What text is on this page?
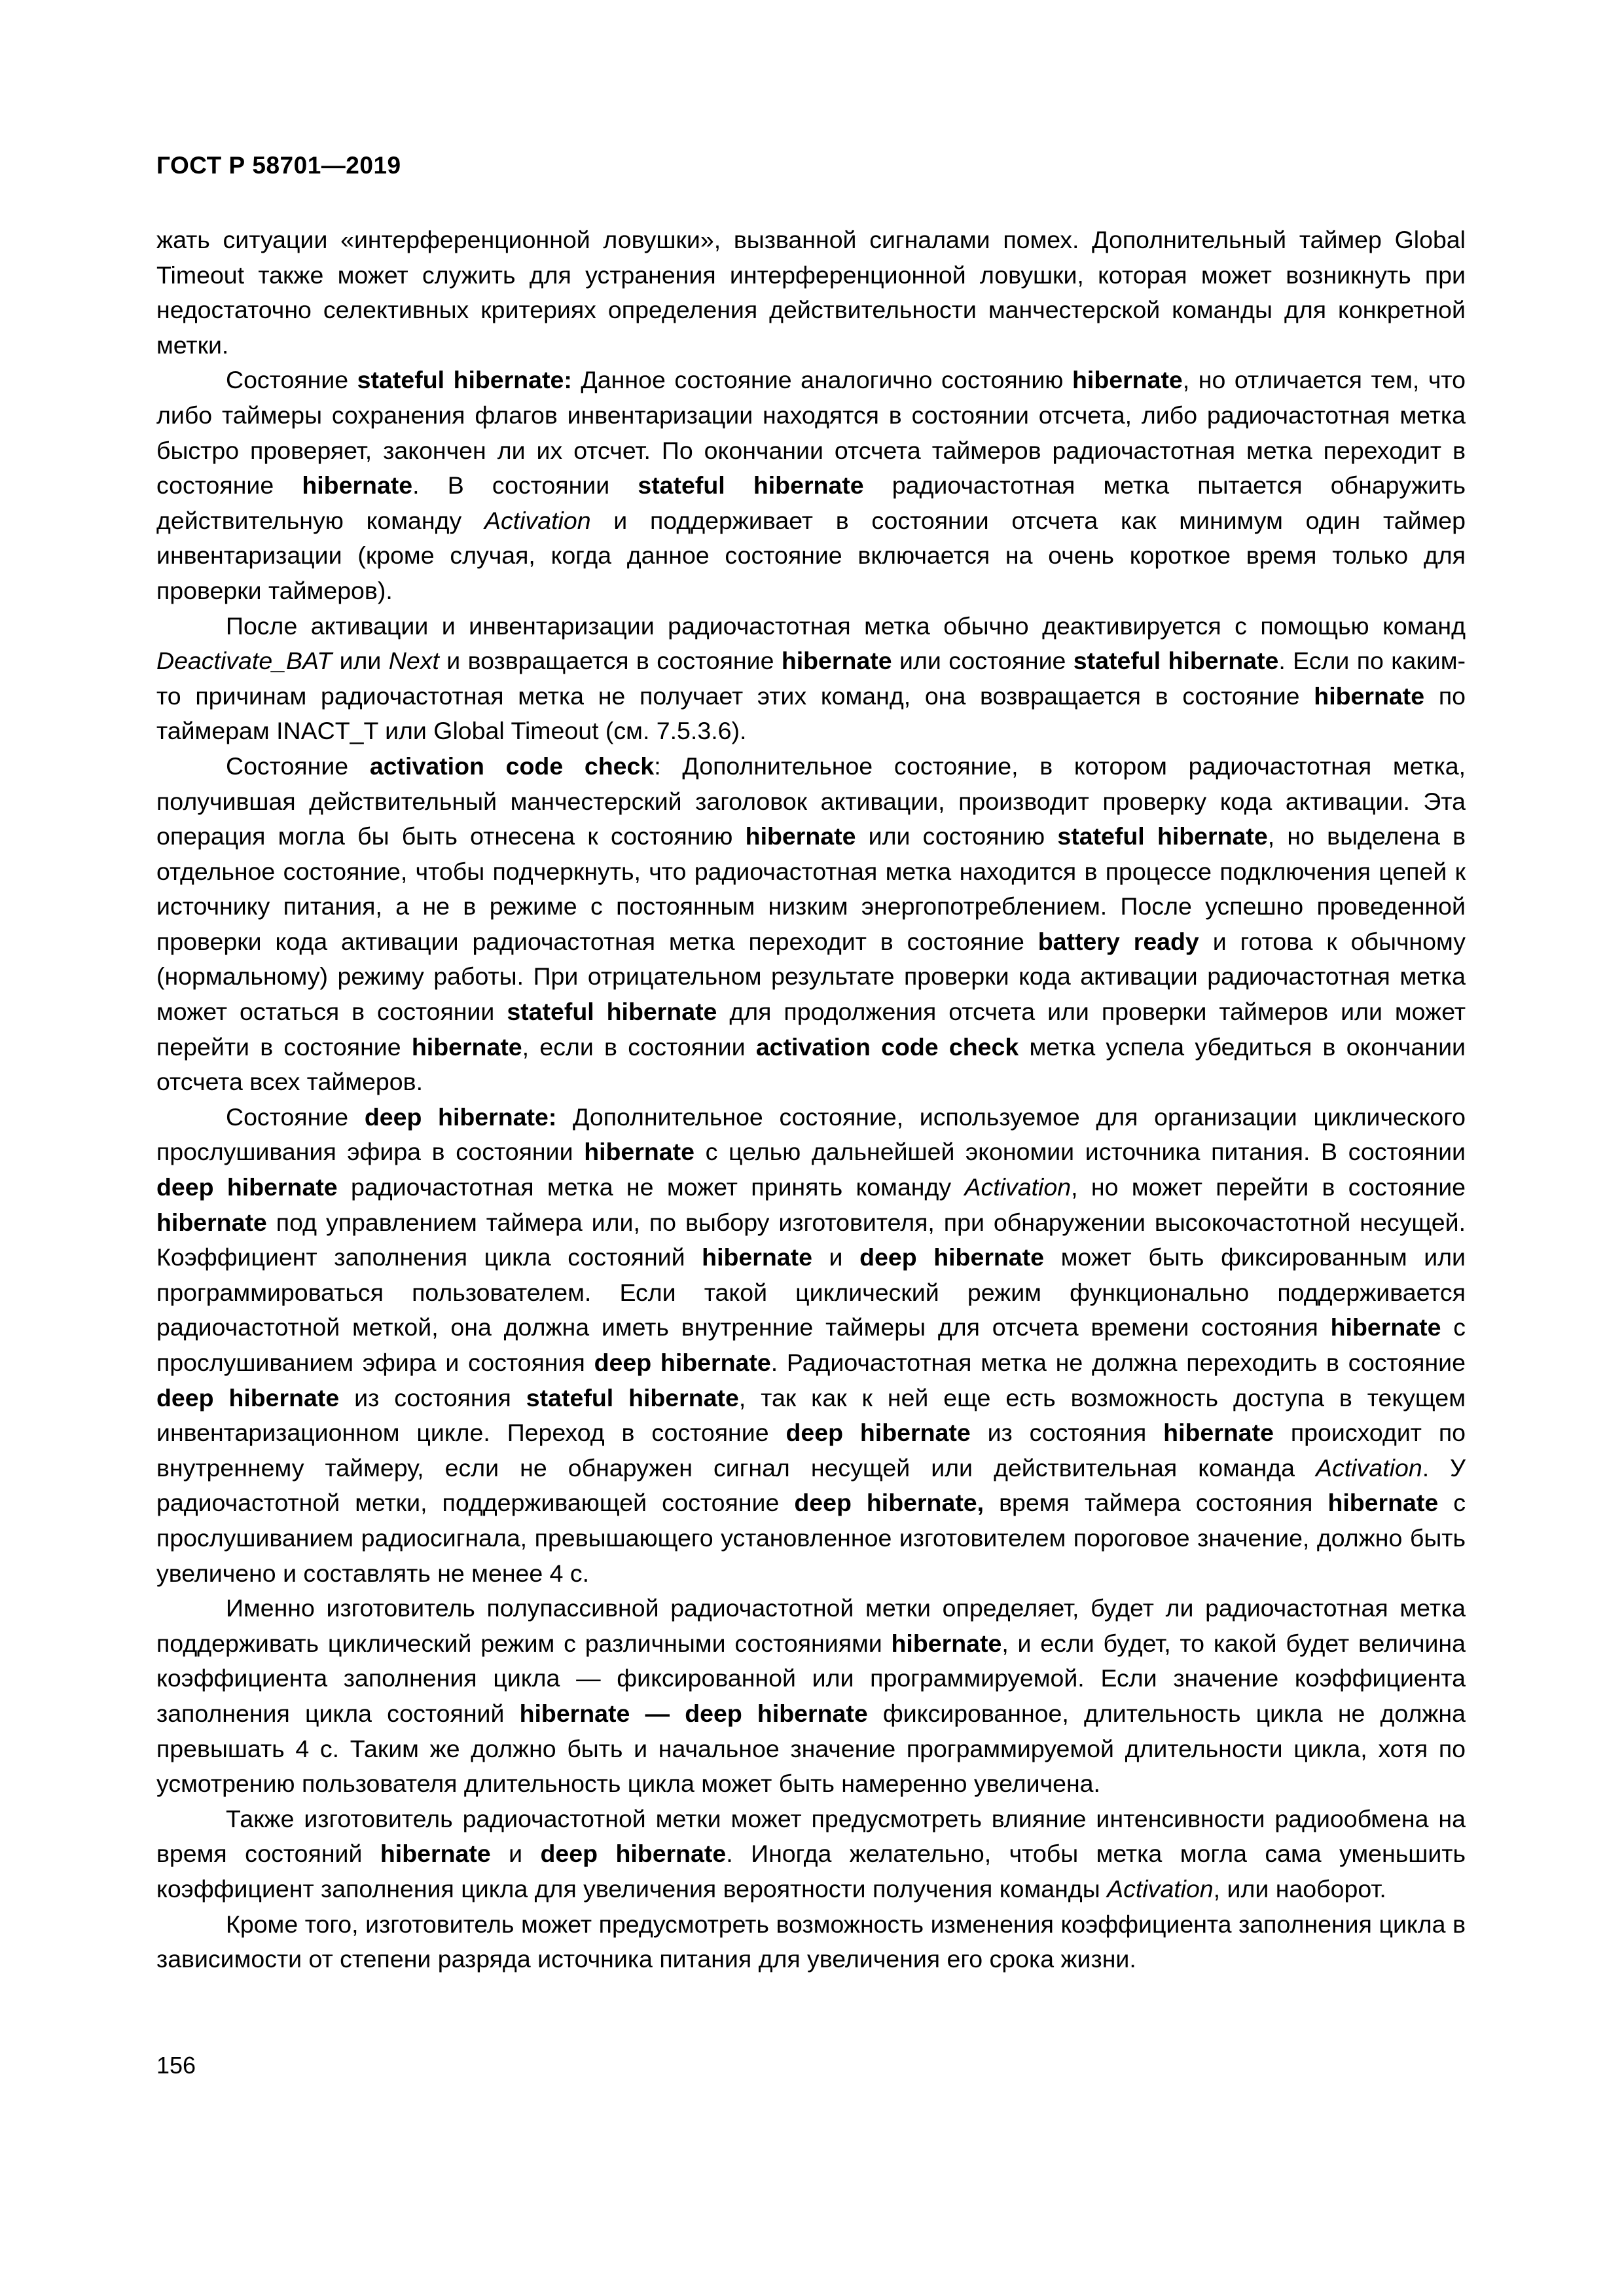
ГОСТ Р 58701—2019

жать ситуации «интерференционной ловушки», вызванной сигналами помех. Дополнительный таймер Global Timeout также может служить для устранения интерференционной ловушки, которая может возникнуть при недостаточно селективных критериях определения действительности манчестерской команды для конкретной метки.

Состояние stateful hibernate: Данное состояние аналогично состоянию hibernate, но отличается тем, что либо таймеры сохранения флагов инвентаризации находятся в состоянии отсчета, либо радиочастотная метка быстро проверяет, закончен ли их отсчет. По окончании отсчета таймеров радиочастотная метка переходит в состояние hibernate. В состоянии stateful hibernate радиочастотная метка пытается обнаружить действительную команду Activation и поддерживает в состоянии отсчета как минимум один таймер инвентаризации (кроме случая, когда данное состояние включается на очень короткое время только для проверки таймеров).

После активации и инвентаризации радиочастотная метка обычно деактивируется с помощью команд Deactivate_BAT или Next и возвращается в состояние hibernate или состояние stateful hibernate. Если по каким-то причинам радиочастотная метка не получает этих команд, она возвращается в состояние hibernate по таймерам INACT_T или Global Timeout (см. 7.5.3.6).

Состояние activation code check: Дополнительное состояние, в котором радиочастотная метка, получившая действительный манчестерский заголовок активации, производит проверку кода активации. Эта операция могла бы быть отнесена к состоянию hibernate или состоянию stateful hibernate, но выделена в отдельное состояние, чтобы подчеркнуть, что радиочастотная метка находится в процессе подключения цепей к источнику питания, а не в режиме с постоянным низким энергопотреблением. После успешно проведенной проверки кода активации радиочастотная метка переходит в состояние battery ready и готова к обычному (нормальному) режиму работы. При отрицательном результате проверки кода активации радиочастотная метка может остаться в состоянии stateful hibernate для продолжения отсчета или проверки таймеров или может перейти в состояние hibernate, если в состоянии activation code check метка успела убедиться в окончании отсчета всех таймеров.

Состояние deep hibernate: Дополнительное состояние, используемое для организации циклического прослушивания эфира в состоянии hibernate с целью дальнейшей экономии источника питания. В состоянии deep hibernate радиочастотная метка не может принять команду Activation, но может перейти в состояние hibernate под управлением таймера или, по выбору изготовителя, при обнаружении высокочастотной несущей. Коэффициент заполнения цикла состояний hibernate и deep hibernate может быть фиксированным или программироваться пользователем. Если такой циклический режим функционально поддерживается радиочастотной меткой, она должна иметь внутренние таймеры для отсчета времени состояния hibernate с прослушиванием эфира и состояния deep hibernate. Радиочастотная метка не должна переходить в состояние deep hibernate из состояния stateful hibernate, так как к ней еще есть возможность доступа в текущем инвентаризационном цикле. Переход в состояние deep hibernate из состояния hibernate происходит по внутреннему таймеру, если не обнаружен сигнал несущей или действительная команда Activation. У радиочастотной метки, поддерживающей состояние deep hibernate, время таймера состояния hibernate с прослушиванием радиосигнала, превышающего установленное изготовителем пороговое значение, должно быть увеличено и составлять не менее 4 с.

Именно изготовитель полупассивной радиочастотной метки определяет, будет ли радиочастотная метка поддерживать циклический режим с различными состояниями hibernate, и если будет, то какой будет величина коэффициента заполнения цикла — фиксированной или программируемой. Если значение коэффициента заполнения цикла состояний hibernate — deep hibernate фиксированное, длительность цикла не должна превышать 4 с. Таким же должно быть и начальное значение программируемой длительности цикла, хотя по усмотрению пользователя длительность цикла может быть намеренно увеличена.

Также изготовитель радиочастотной метки может предусмотреть влияние интенсивности радиообмена на время состояний hibernate и deep hibernate. Иногда желательно, чтобы метка могла сама уменьшить коэффициент заполнения цикла для увеличения вероятности получения команды Activation, или наоборот.

Кроме того, изготовитель может предусмотреть возможность изменения коэффициента заполнения цикла в зависимости от степени разряда источника питания для увеличения его срока жизни.

156
